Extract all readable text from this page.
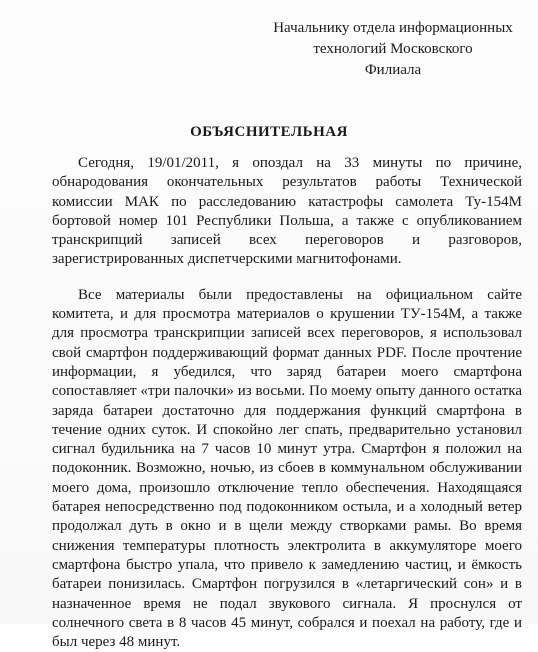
Начальнику отдела информационных
технологий Московского
Филиала
ОБЪЯСНИТЕЛЬНАЯ

Сегодня, 19/01/2011, я опоздал на 33 минуты по причине, обнародования окончательных результатов работы Технической комиссии МАК по расследованию катастрофы самолета Ту-154М бортовой номер 101 Республики Польша, а также с опубликованием транскрипций записей всех переговоров и разговоров, зарегистрированных диспетчерскими магнитофонами.

Все материалы были предоставлены на официальном сайте комитета, и для просмотра материалов о крушении ТУ-154М, а также для просмотра транскрипции записей всех переговоров, я использовал свой смартфон поддерживающий формат данных PDF. После прочтение информации, я убедился, что заряд батареи моего смартфона сопоставляет «три палочки» из восьми. По моему опыту данного остатка заряда батареи достаточно для поддержания функций смартфона в течение одних суток. И спокойно лег спать, предварительно установил сигнал будильника на 7 часов 10 минут утра. Смартфон я положил на подоконник. Возможно, ночью, из сбоев в коммунальном обслуживании моего дома, произошло отключение тепло обеспечения. Находящаяся батарея непосредственно под подоконником остыла, и а холодный ветер продолжал дуть в окно и в щели между створками рамы. Во время снижения температуры плотность электролита в аккумуляторе моего смартфона быстро упала, что привело к замедлению частиц, и ёмкость батареи понизилась. Смартфон погрузился в «летаргический сон» и в назначенное время не подал звукового сигнала. Я проснулся от солнечного света в 8 часов 45 минут, собрался и поехал на работу, где и был через 48 минут.
